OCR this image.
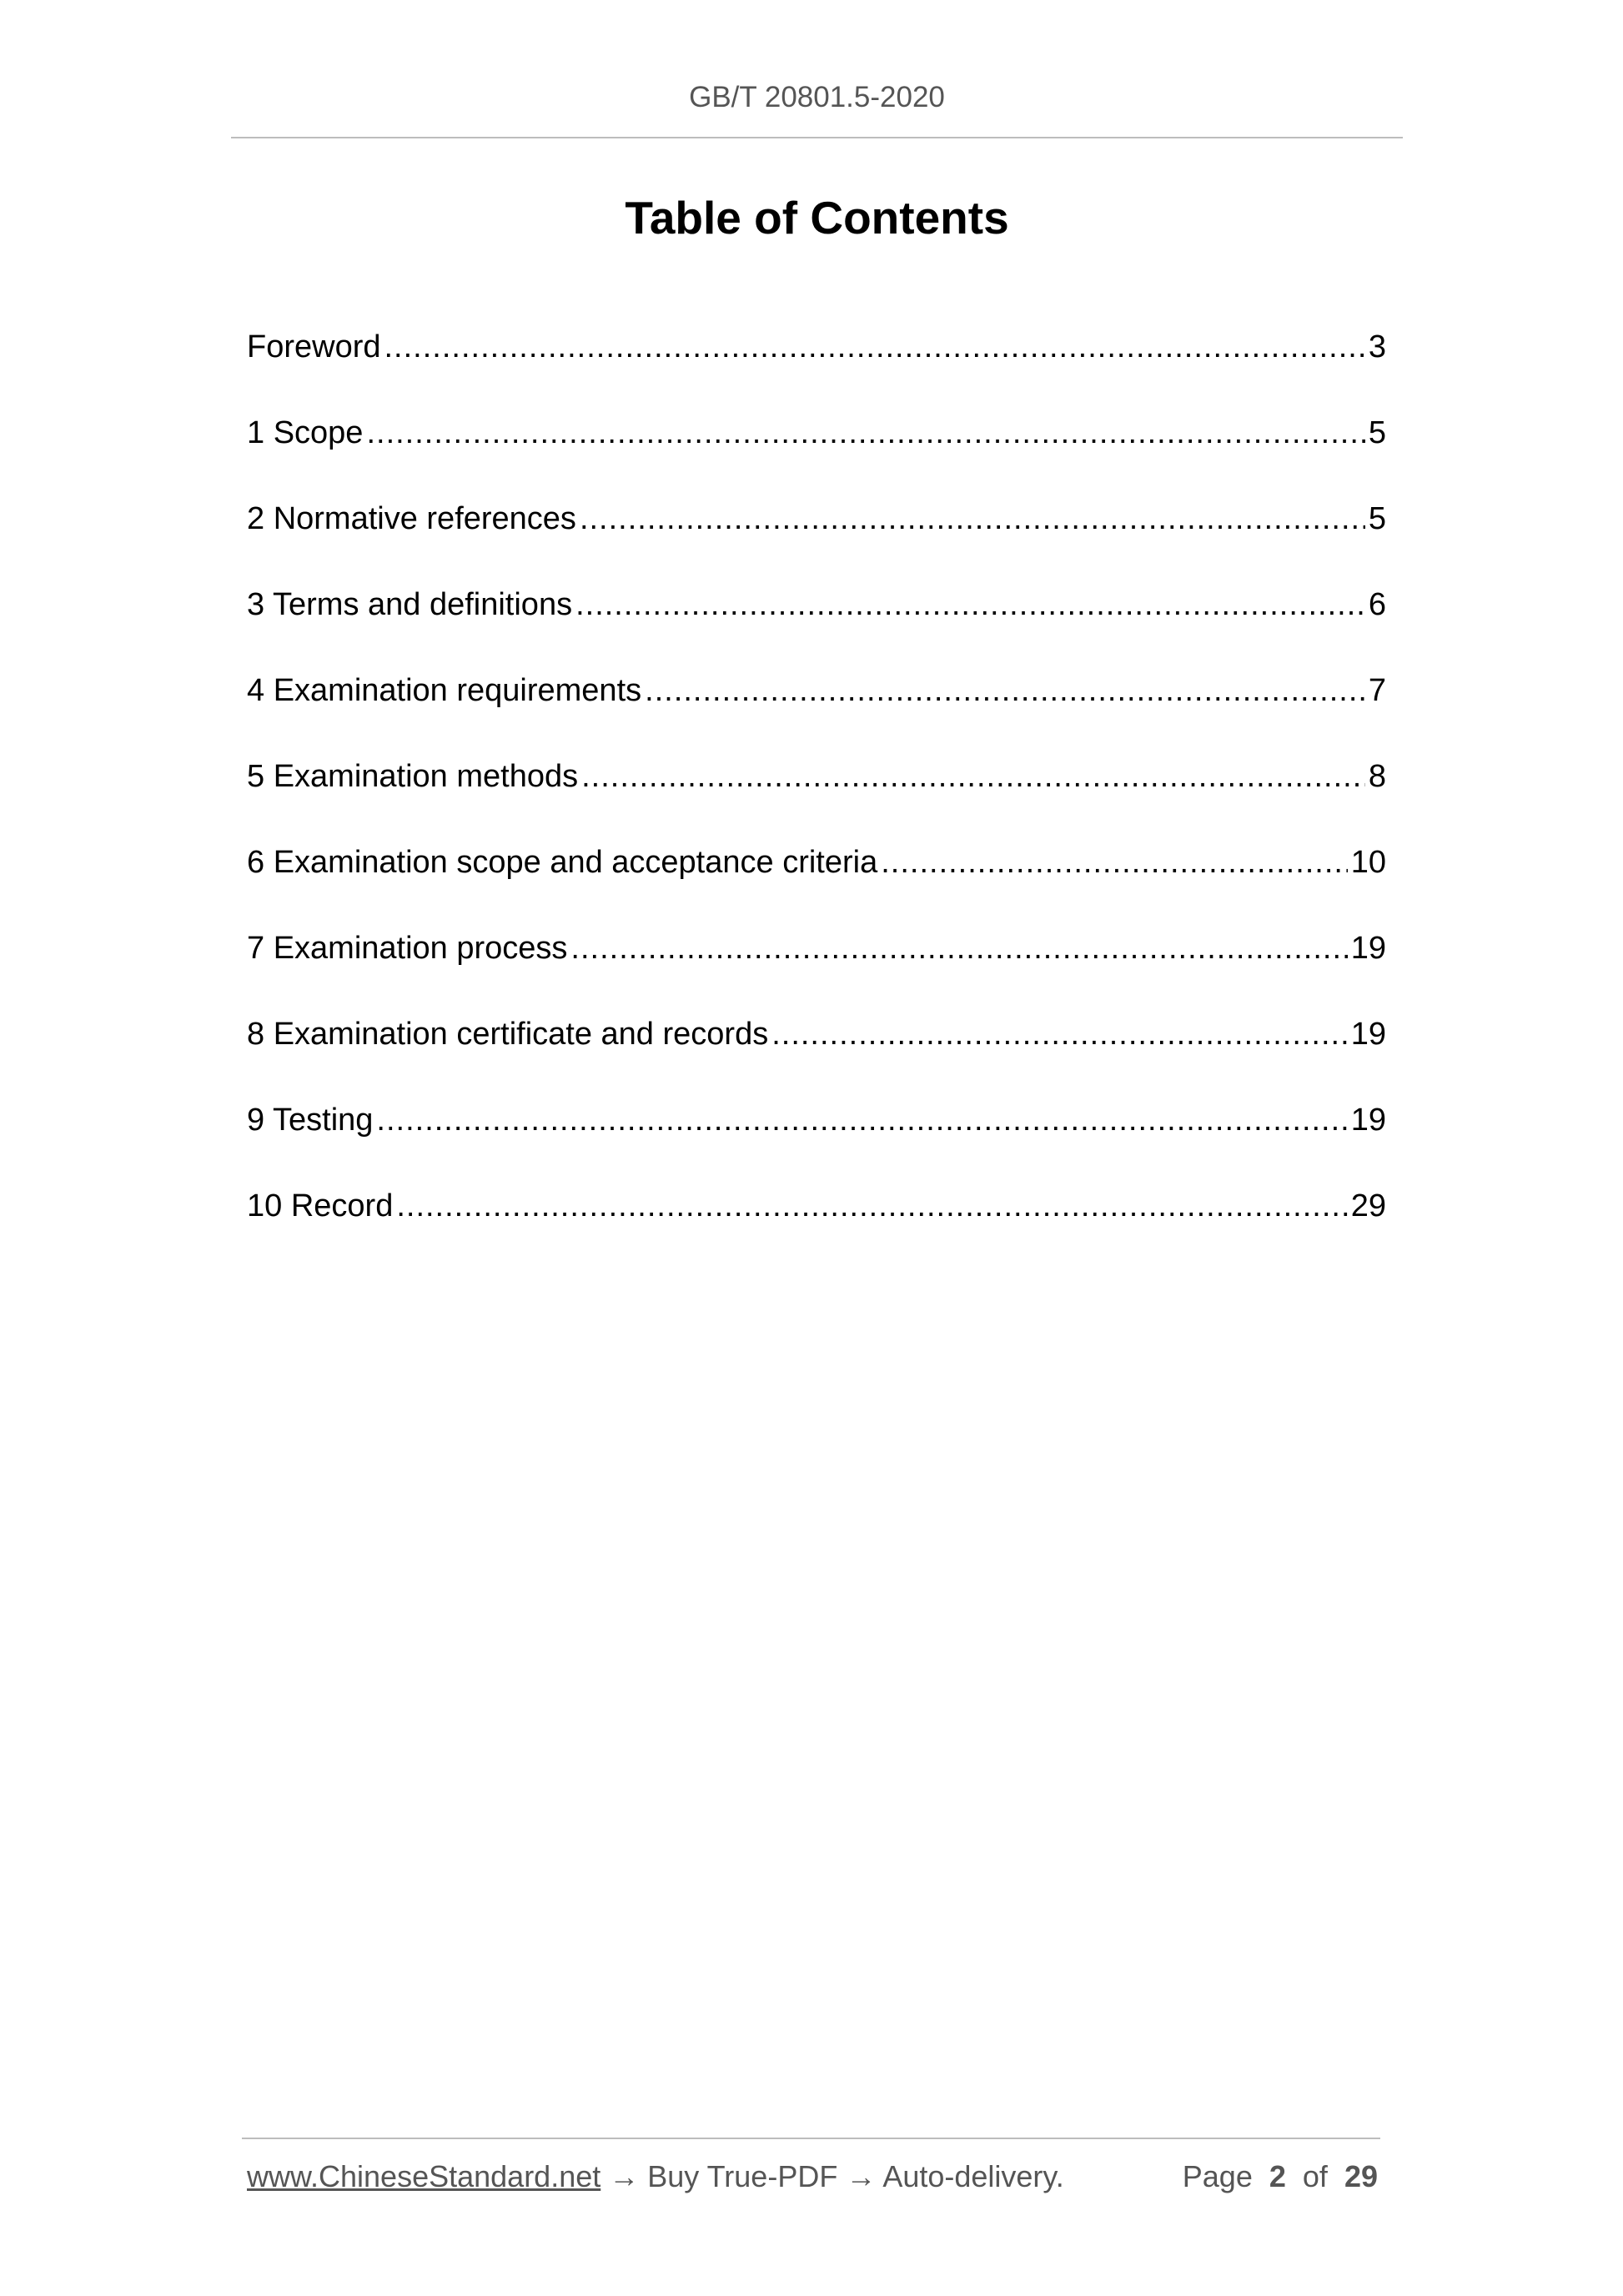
GB/T 20801.5-2020
Table of Contents
Foreword .....	3
1 Scope .....	5
2 Normative references .....	5
3 Terms and definitions .....	6
4 Examination requirements .....	7
5 Examination methods .....	8
6 Examination scope and acceptance criteria .....	10
7 Examination process .....	19
8 Examination certificate and records .....	19
9 Testing .....	19
10 Record .....	29
www.ChineseStandard.net → Buy True-PDF → Auto-delivery.	Page 2 of 29
